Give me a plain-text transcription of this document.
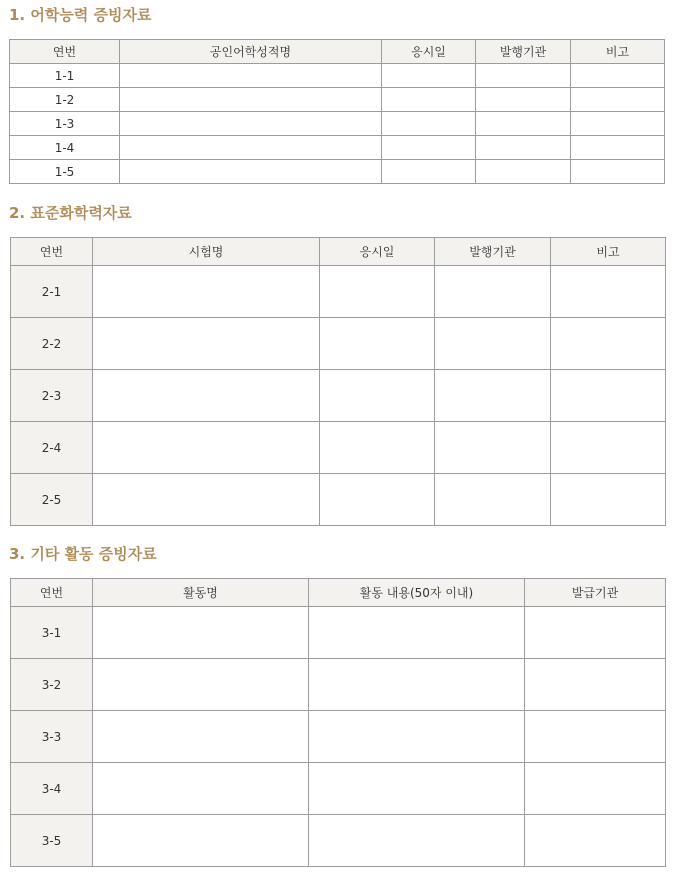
1. 어학능력 증빙자료
연번	공인어학성적명	응시일	발행기관	비고
1-1				
1-2				
1-3				
1-4				
1-5				
2. 표준화학력자료
연번	시험명	응시일	발행기관	비고
2-1				
2-2				
2-3				
2-4				
2-5				
3. 기타 활동 증빙자료
연번	활동명	활동 내용(50자 이내)	발급기관
3-1			
3-2			
3-3			
3-4			
3-5			
